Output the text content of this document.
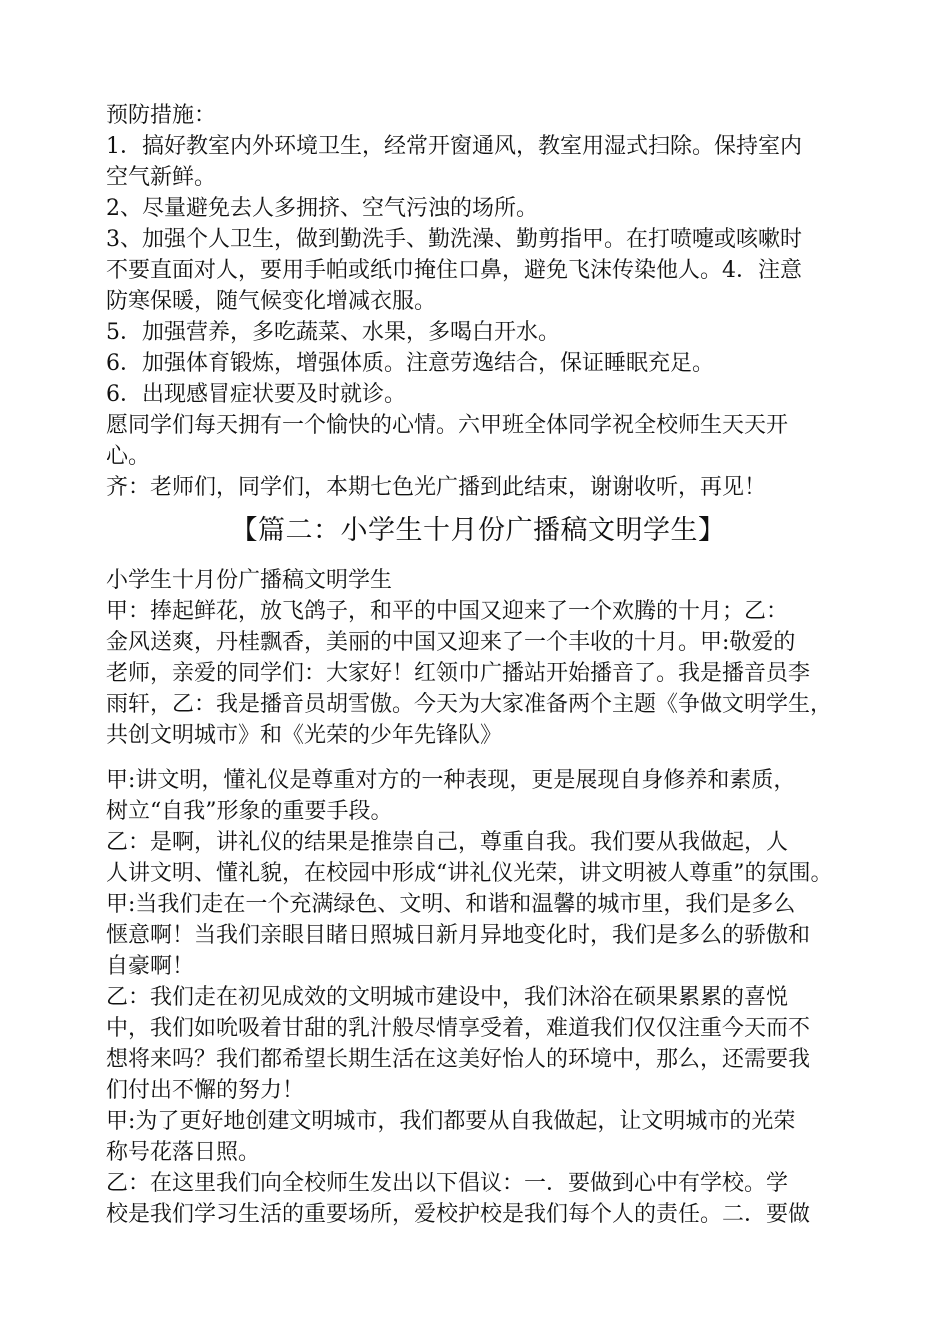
预防措施：
1．搞好教室内外环境卫生，经常开窗通风，教室用湿式扫除。保持室内
空气新鲜。
2、尽量避免去人多拥挤、空气污浊的场所。
3、加强个人卫生，做到勤洗手、勤洗澡、勤剪指甲。在打喷嚏或咳嗽时
不要直面对人，要用手帕或纸巾掩住口鼻，避免飞沫传染他人。4．注意
防寒保暖，随气候变化增减衣服。
5．加强营养，多吃蔬菜、水果，多喝白开水。
6．加强体育锻炼，增强体质。注意劳逸结合，保证睡眠充足。
6．出现感冒症状要及时就诊。
愿同学们每天拥有一个愉快的心情。六甲班全体同学祝全校师生天天开
心。
齐：老师们，同学们，本期七色光广播到此结束，谢谢收听，再见！
【篇二：小学生十月份广播稿文明学生】
小学生十月份广播稿文明学生
甲：捧起鲜花，放飞鸽子，和平的中国又迎来了一个欢腾的十月；乙：
金风送爽，丹桂飘香，美丽的中国又迎来了一个丰收的十月。甲:敬爱的
老师，亲爱的同学们：大家好！红领巾广播站开始播音了。我是播音员李
雨轩，乙：我是播音员胡雪傲。今天为大家准备两个主题《争做文明学生，
共创文明城市》和《光荣的少年先锋队》
甲:讲文明，懂礼仪是尊重对方的一种表现，更是展现自身修养和素质，
树立“自我”形象的重要手段。
乙：是啊，讲礼仪的结果是推崇自己，尊重自我。我们要从我做起，人
人讲文明、懂礼貌，在校园中形成“讲礼仪光荣，讲文明被人尊重”的氛围。
甲:当我们走在一个充满绿色、文明、和谐和温馨的城市里，我们是多么
惬意啊！当我们亲眼目睹日照城日新月异地变化时，我们是多么的骄傲和
自豪啊！
乙：我们走在初见成效的文明城市建设中，我们沐浴在硕果累累的喜悦
中，我们如吮吸着甘甜的乳汁般尽情享受着，难道我们仅仅注重今天而不
想将来吗？我们都希望长期生活在这美好怡人的环境中，那么，还需要我
们付出不懈的努力！
甲:为了更好地创建文明城市，我们都要从自我做起，让文明城市的光荣
称号花落日照。
乙：在这里我们向全校师生发出以下倡议：一．要做到心中有学校。学
校是我们学习生活的重要场所，爱校护校是我们每个人的责任。二．要做
